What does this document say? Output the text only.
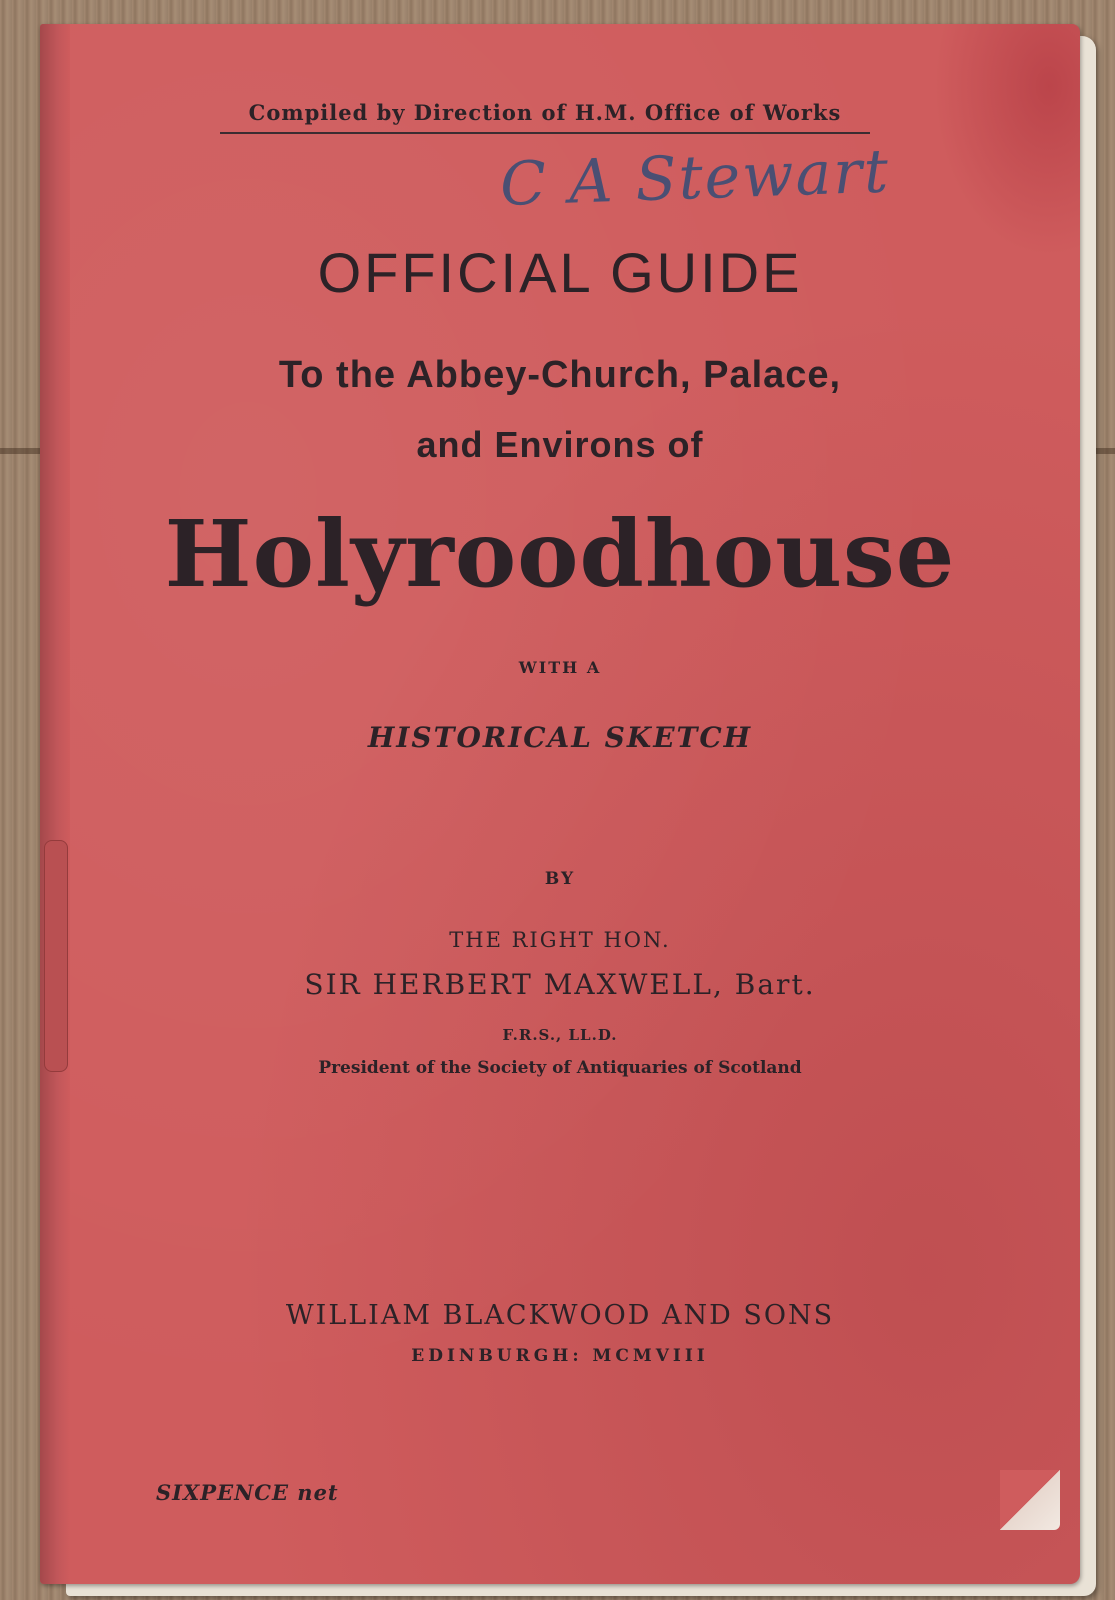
Compiled by Direction of H.M. Office of Works
C A Stewart
OFFICIAL GUIDE
To the Abbey-Church, Palace,
and Environs of
Holyroodhouse
WITH A
HISTORICAL SKETCH
BY
THE RIGHT HON.
SIR HERBERT MAXWELL, Bart.
F.R.S., LL.D.
President of the Society of Antiquaries of Scotland
WILLIAM BLACKWOOD AND SONS
EDINBURGH: MCMVIII
SIXPENCE net
